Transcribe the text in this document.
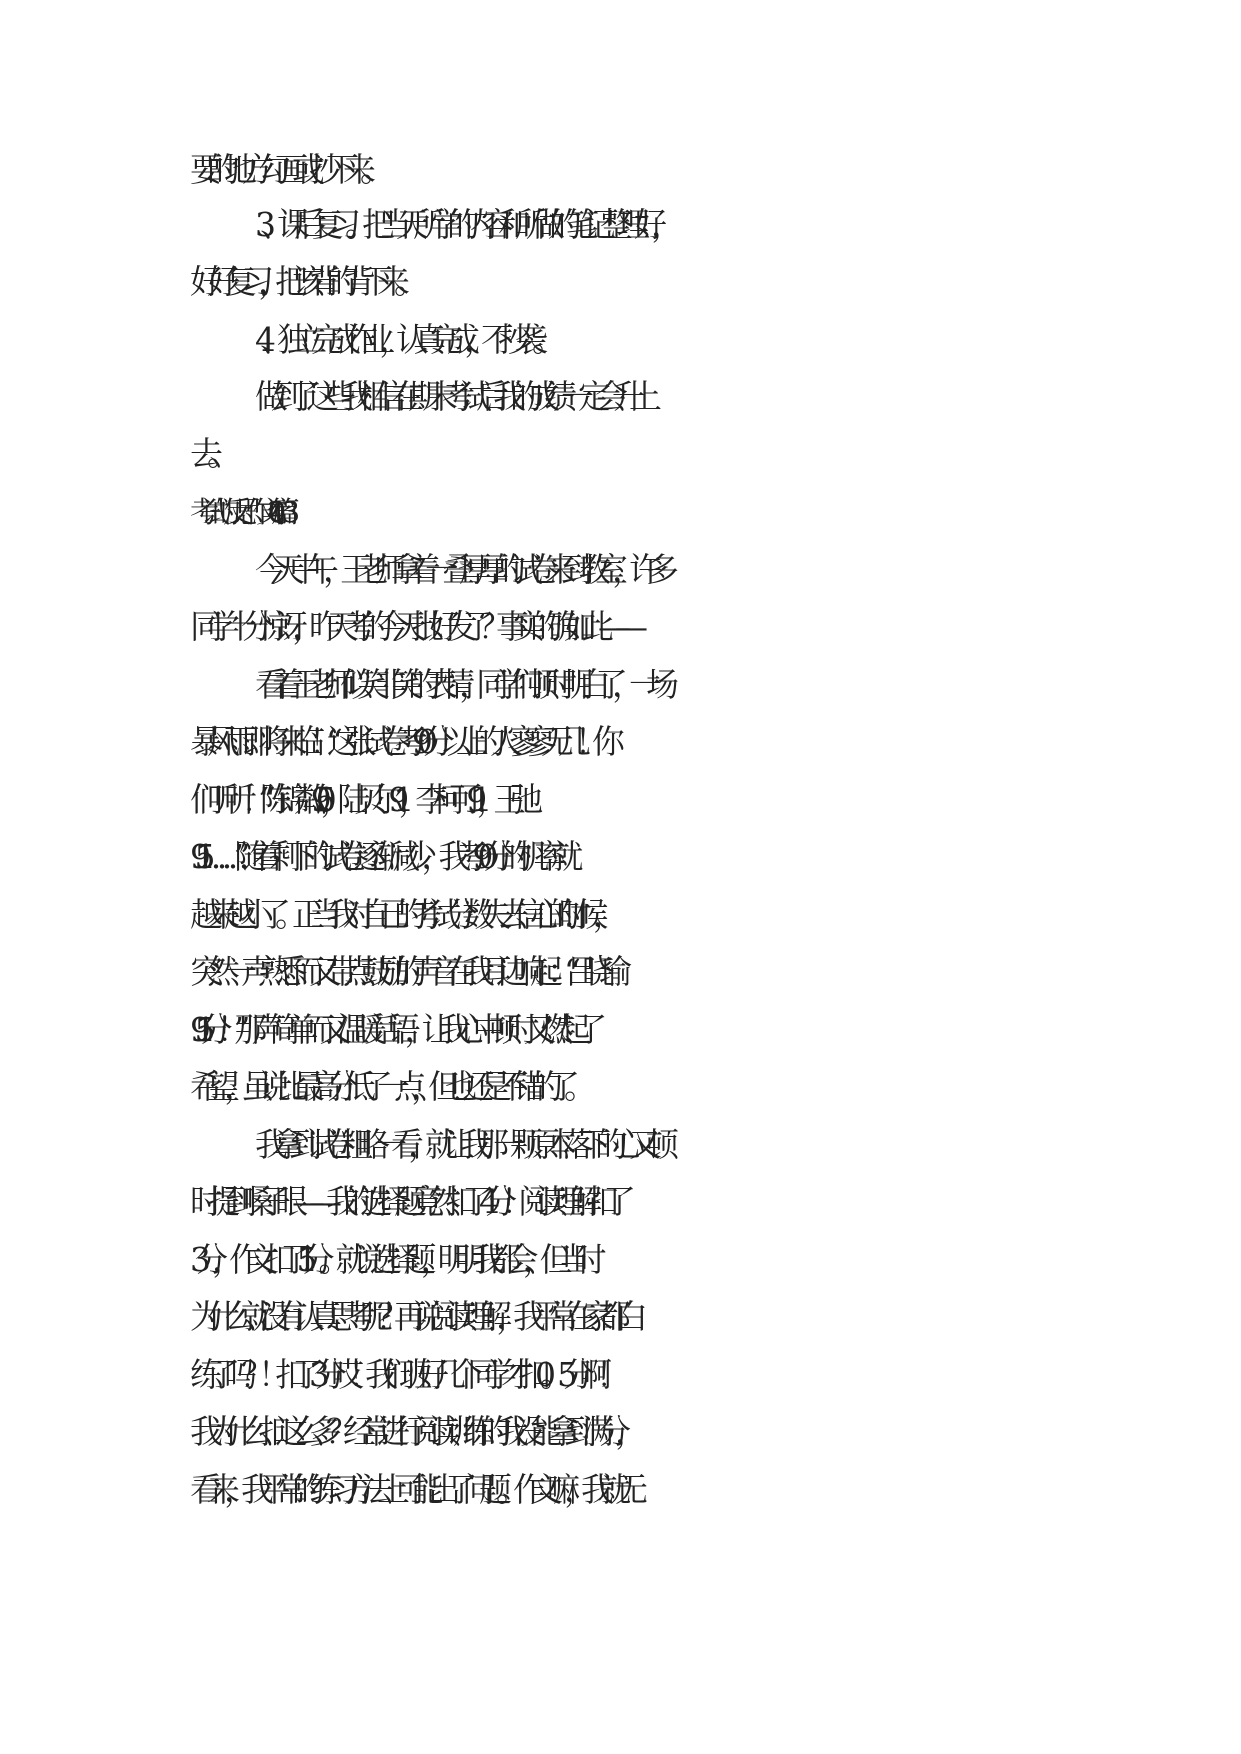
要的地方勾画或抄下来。
3、课后复习。把当天所学的内容和所做的笔记整理好，
好好复习，把该背的背下来。
4、独立完成作业，认真完成，不抄袭。
做到了这些我相信在期末考试后我的成绩一定会升上
去。
考试的反思作文400字 篇3
今天中午，王老师拿着一叠厚厚的试卷来到教室，许多
同学十分惊讶，昨天考的今天批好发了？事实的确如此——
看着王老师似笑非笑的表情，同学们顿时明白了，一场
暴风雨即将来临！“这张试卷考90分以上的人寥寥无几！你
们听听！”“陈锦粼90.5，陆贝尔91，李柯可91，王弛
91.5……”随着剩下的试卷逐渐减少，我考90分的机率就
越来越小了。正当我对自己的考试分数失去信心的.时候，
突然一声熟悉而又带点鼓励的声音在我耳边响起：“吕晓瑜
91.5分！”那声简单而又温暖话语，让我心中顿时又燃起了
希望，虽说比最高分低了一点，但也还是不错的了。
我拿到试卷粗略一看，就让我那一颗原本落下的心又顿
时提到嗓子眼——我的选择题竟然扣了4分！阅读理解扣了
3分，作文扣了1.5分。就说选择题，明明我都会，但当时
为什么就没有认真思考呢？再说阅读理解，我平常在家都白
练了吗？！扣了3分哎！我们班好几个同学才扣0。5分啊！
我为什么扣这么多？经常进行阅读训练的我没能拿到满分，
看来，我平常的练习方法上可能出了问题。作文嘛，我就无
